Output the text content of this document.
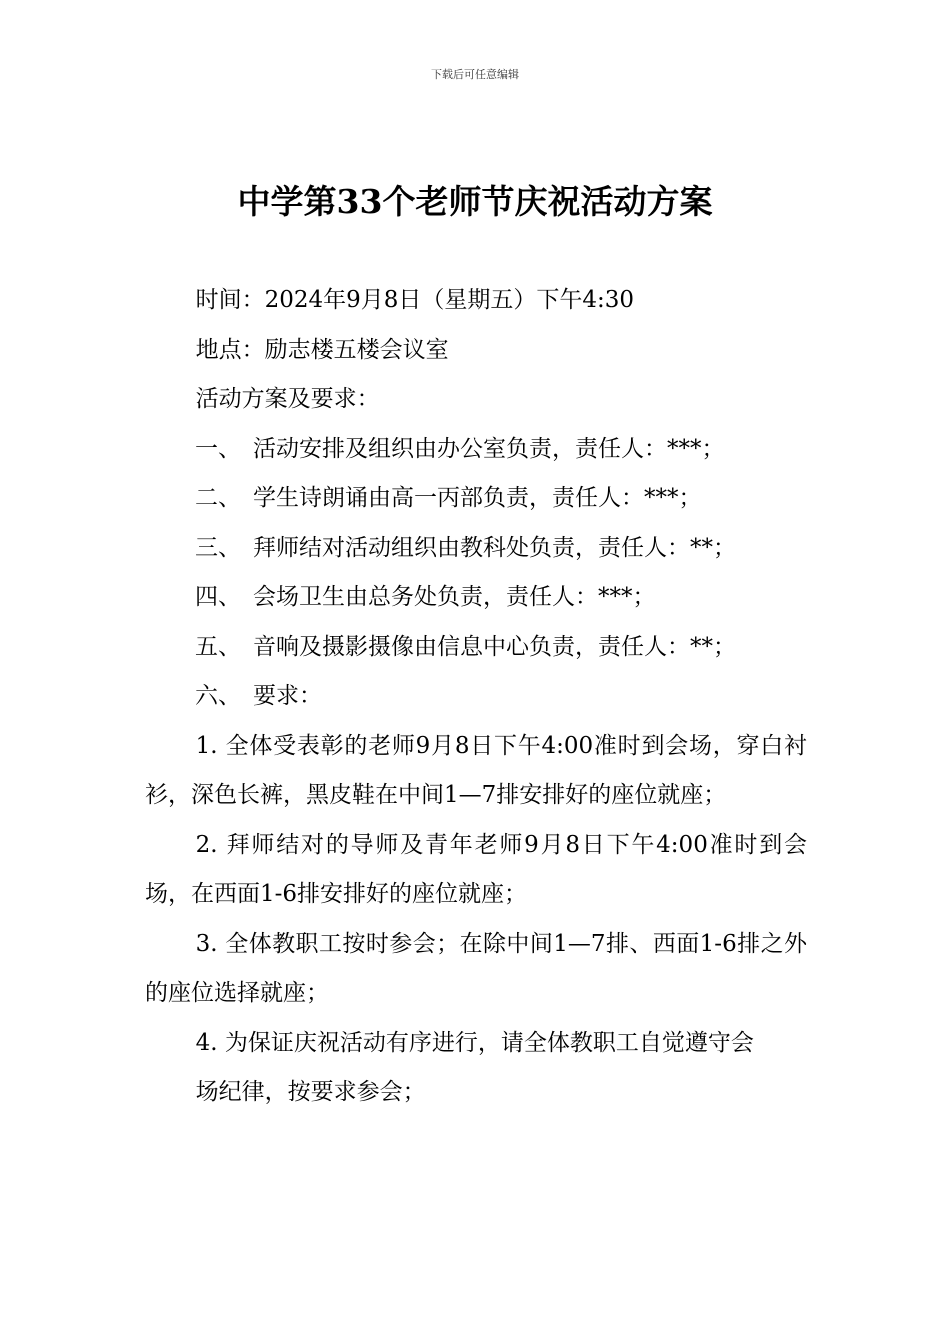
下载后可任意编辑
中学第33个老师节庆祝活动方案

时间：2024年9月8日（星期五）下午4:30

地点：励志楼五楼会议室

活动方案及要求：

一、 活动安排及组织由办公室负责，责任人：***；

二、 学生诗朗诵由高一丙部负责，责任人：***；

三、 拜师结对活动组织由教科处负责，责任人：**；

四、 会场卫生由总务处负责，责任人：***；

五、 音响及摄影摄像由信息中心负责，责任人：**；

六、 要求：

1. 全体受表彰的老师9月8日下午4:00准时到会场，穿白衬衫，深色长裤，黑皮鞋在中间1—7排安排好的座位就座；

2. 拜师结对的导师及青年老师9月8日下午4:00准时到会场，在西面1-6排安排好的座位就座；

3. 全体教职工按时参会；在除中间1—7排、西面1-6排之外的座位选择就座；

4. 为保证庆祝活动有序进行，请全体教职工自觉遵守会

场纪律，按要求参会；
